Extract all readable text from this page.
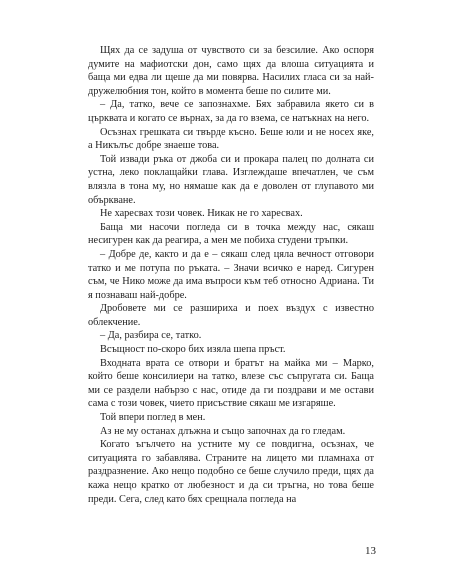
Щях да се задуша от чувството си за безсилие. Ако оспоря думите на мафиотски дон, само щях да влоша ситуацията и баща ми едва ли щеше да ми повярва. Насилих гласа си за най-дружелюбния тон, който в момента беше по силите ми.

– Да, татко, вече се запознахме. Бях забравила якето си в църквата и когато се върнах, за да го взема, се натъкнах на него.

Осъзнах грешката си твърде късно. Беше юли и не носех яке, а Никълъс добре знаеше това.

Той извади ръка от джоба си и прокара палец по долната си устна, леко поклащайки глава. Изглеждаше впечатлен, че съм влязла в тона му, но нямаше как да е доволен от глупавото ми объркване.

Не харесвах този човек. Никак не го харесвах.

Баща ми насочи погледа си в точка между нас, сякаш несигурен как да реагира, а мен ме побиха студени тръпки.

– Добре де, както и да е – сякаш след цяла вечност отговори татко и ме потупа по ръката. – Значи всичко е наред. Сигурен съм, че Нико може да има въпроси към теб относно Адриана. Ти я познаваш най-добре.

Дробовете ми се разшириха и поех въздух с известно облекчение.

– Да, разбира се, татко.

Всъщност по-скоро бих изяла шепа пръст.

Входната врата се отвори и братът на майка ми – Марко, който беше консилиери на татко, влезе със съпругата си. Баща ми се раздели набързо с нас, отиде да ги поздрави и ме остави сама с този човек, чието присъствие сякаш ме изгаряше.

Той впери поглед в мен.

Аз не му останах длъжна и също започнах да го гледам.

Когато ъгълчето на устните му се повдигна, осъзнах, че ситуацията го забавлява. Страните на лицето ми пламнаха от раздразнение. Ако нещо подобно се беше случило преди, щях да кажа нещо кратко от любезност и да си тръгна, но това беше преди. Сега, след като бях срещнала погледа на

13
